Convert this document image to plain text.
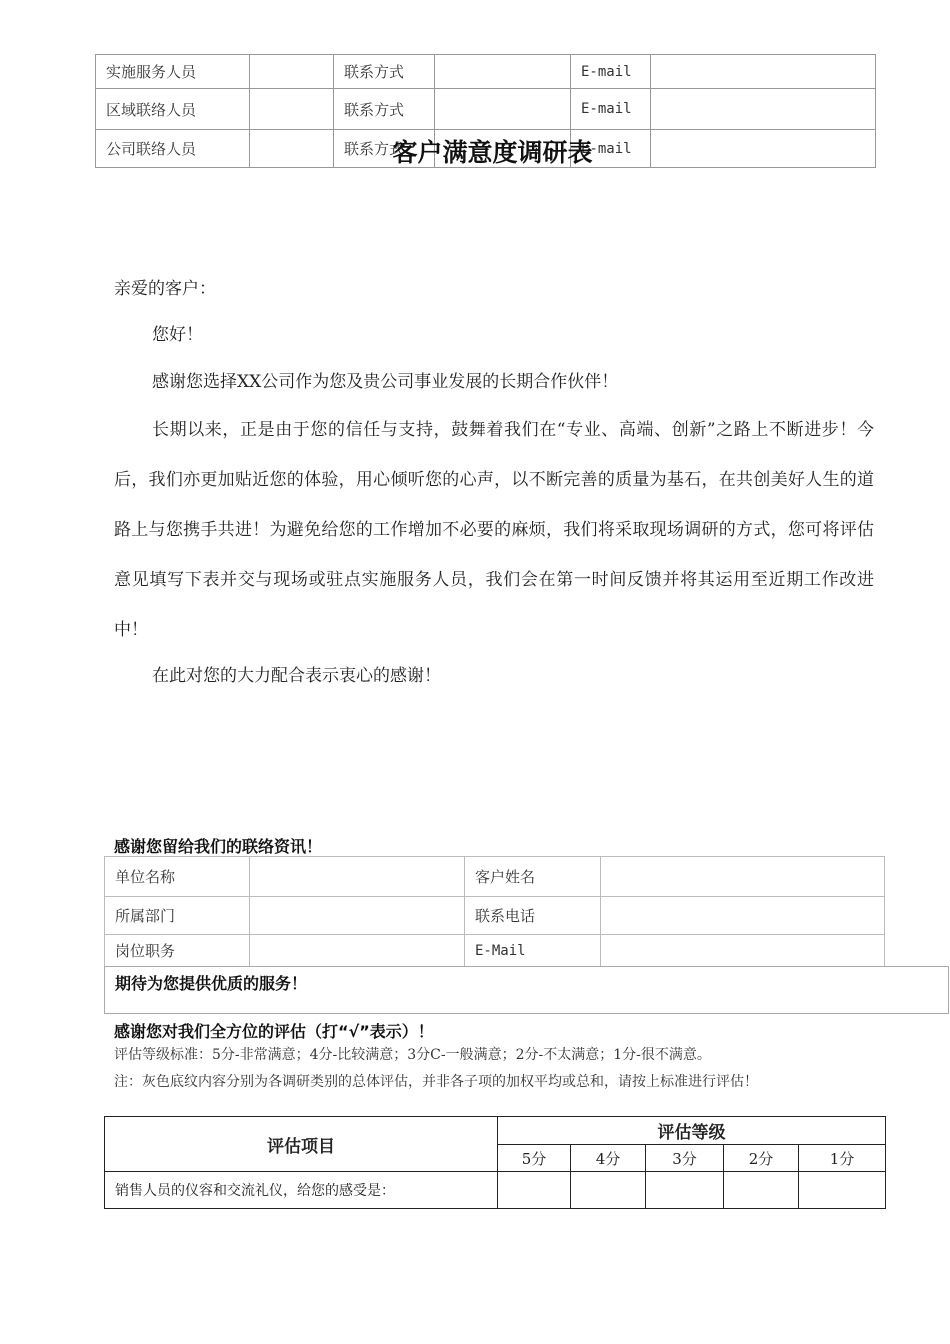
实施服务人员		联系方式		E-mail	
区域联络人员		联系方式		E-mail	
公司联络人员		联系方式		E-mail	
客户满意度调研表
亲爱的客户：
您好！
感谢您选择XX公司作为您及贵公司事业发展的长期合作伙伴！
长期以来，正是由于您的信任与支持，鼓舞着我们在“专业、高端、创新”之路上不断进步！今后，我们亦更加贴近您的体验，用心倾听您的心声，以不断完善的质量为基石，在共创美好人生的道路上与您携手共进！为避免给您的工作增加不必要的麻烦，我们将采取现场调研的方式，您可将评估意见填写下表并交与现场或驻点实施服务人员，我们会在第一时间反馈并将其运用至近期工作改进中！
在此对您的大力配合表示衷心的感谢！
感谢您留给我们的联络资讯！
单位名称		客户姓名	
所属部门		联系电话	
岗位职务		E-Mail	
期待为您提供优质的服务！
感谢您对我们全方位的评估（打“√”表示）！
评估等级标准：5分-非常满意；4分-比较满意；3分C-一般满意；2分-不太满意；1分-很不满意。
注：灰色底纹内容分别为各调研类别的总体评估，并非各子项的加权平均或总和，请按上标准进行评估！
评估项目	评估等级				
	5分	4分	3分	2分	1分
销售人员的仪容和交流礼仪，给您的感受是：					
